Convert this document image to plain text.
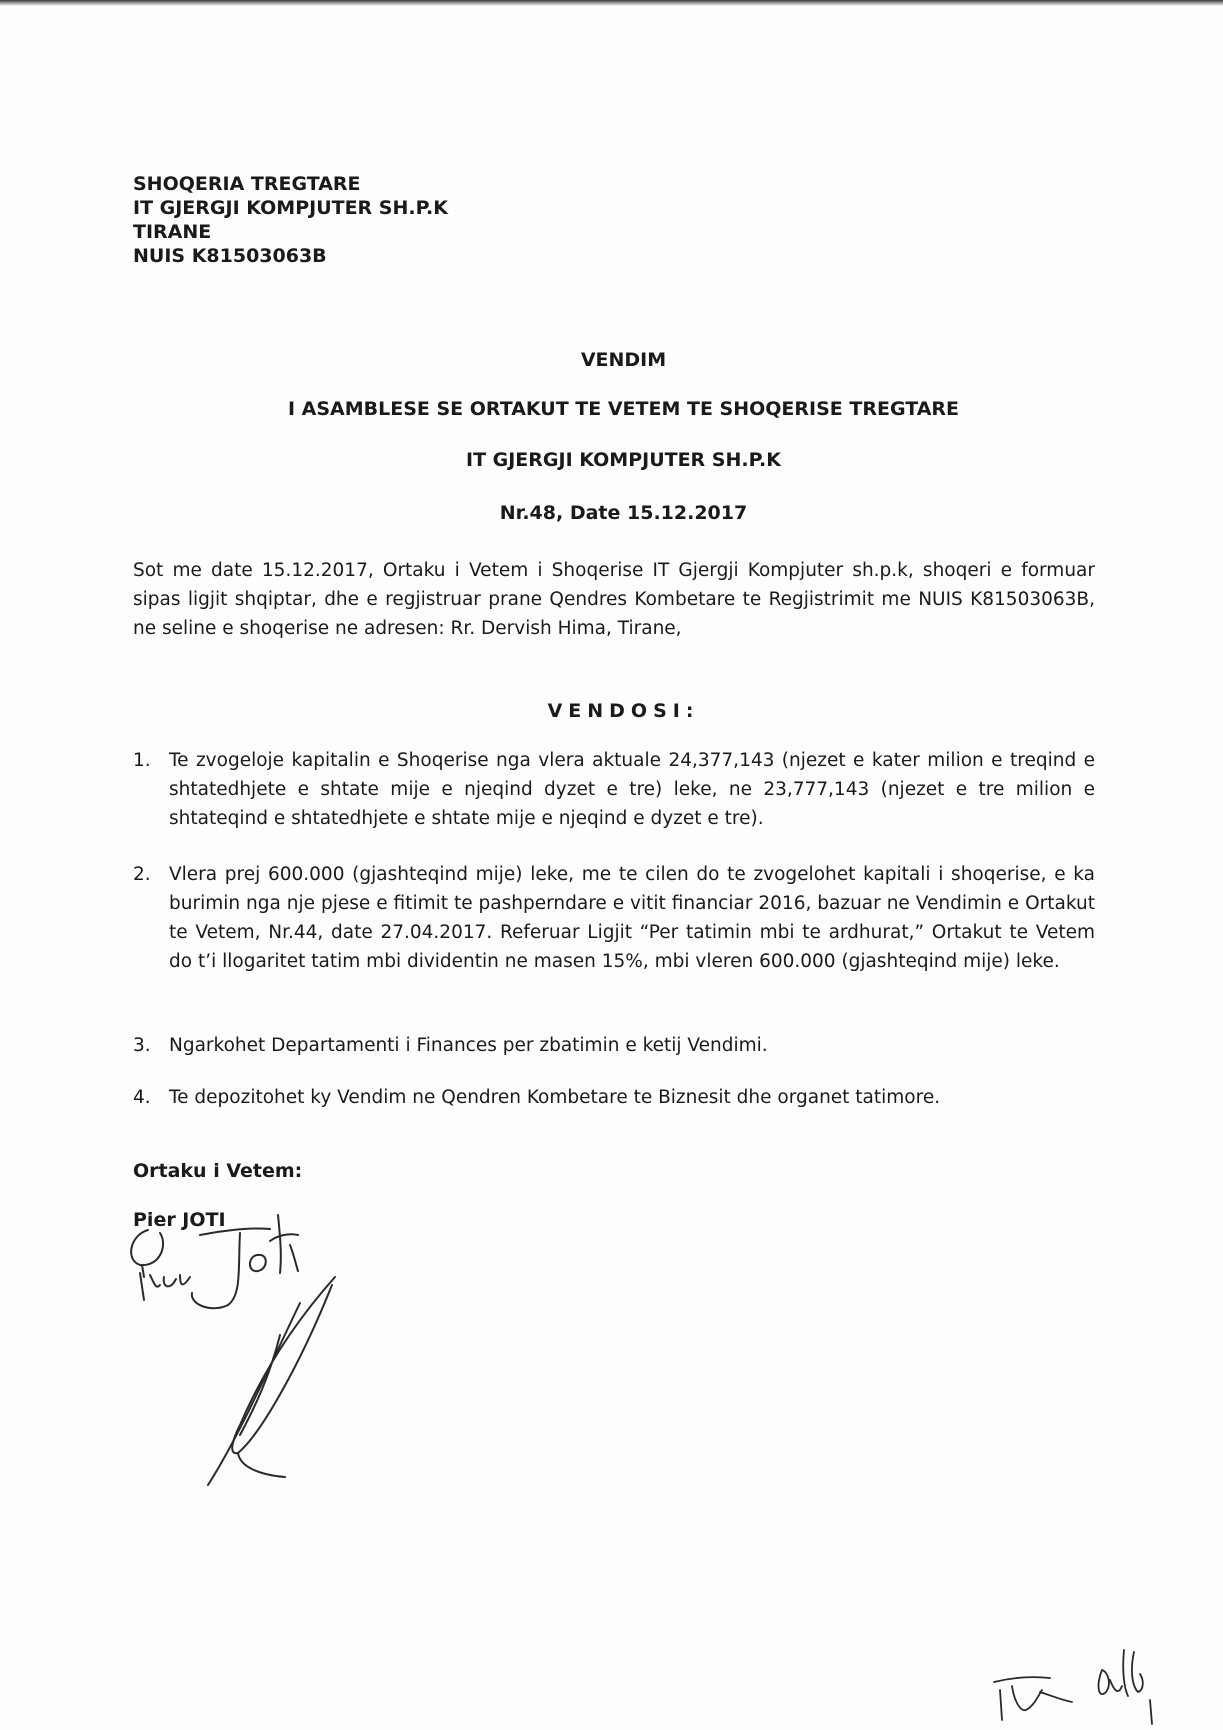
SHOQERIA TREGTARE
IT GJERGJI KOMPJUTER SH.P.K
TIRANE
NUIS K81503063B
VENDIM
I ASAMBLESE SE ORTAKUT TE VETEM TE SHOQERISE TREGTARE
IT GJERGJI KOMPJUTER SH.P.K
Nr.48, Date 15.12.2017
Sot me date 15.12.2017, Ortaku i Vetem i Shoqerise IT Gjergji Kompjuter sh.p.k, shoqeri e formuar sipas ligjit shqiptar, dhe e regjistruar prane Qendres Kombetare te Regjistrimit me NUIS K81503063B, ne seline e shoqerise ne adresen: Rr. Dervish Hima, Tirane,
VENDOSI:
1. Te zvogeloje kapitalin e Shoqerise nga vlera aktuale 24,377,143 (njezet e kater milion e treqind e shtatedhjete e shtate mije e njeqind dyzet e tre) leke, ne 23,777,143 (njezet e tre milion e shtateqind e shtatedhjete e shtate mije e njeqind e dyzet e tre).
2. Vlera prej 600.000 (gjashteqind mije) leke, me te cilen do te zvogelohet kapitali i shoqerise, e ka burimin nga nje pjese e fitimit te pashperndare e vitit financiar 2016, bazuar ne Vendimin e Ortakut te Vetem, Nr.44, date 27.04.2017. Referuar Ligjit “Per tatimin mbi te ardhurat,” Ortakut te Vetem do t’i llogaritet tatim mbi dividentin ne masen 15%, mbi vleren 600.000 (gjashteqind mije) leke.
3. Ngarkohet Departamenti i Finances per zbatimin e ketij Vendimi.
4. Te depozitohet ky Vendim ne Qendren Kombetare te Biznesit dhe organet tatimore.
Ortaku i Vetem:
Pier JOTI
